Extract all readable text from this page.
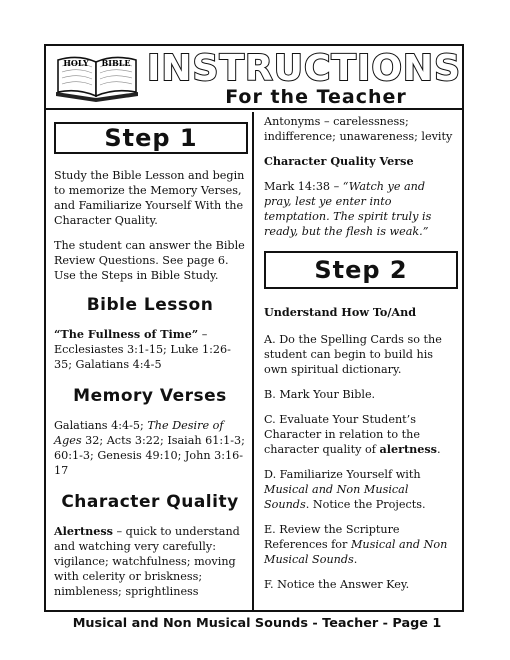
HOLY BIBLE INSTRUCTIONS
For the Teacher
Step 1

Study the Bible Lesson and begin to memorize the Memory Verses, and Familiarize Yourself With the Character Quality.

The student can answer the Bible Review Questions. See page 6. Use the Steps in Bible Study.

Bible Lesson

“The Fullness of Time” – Ecclesiastes 3:1-15; Luke 1:26-35; Galatians 4:4-5

Memory Verses

Galatians 4:4-5; The Desire of Ages 32; Acts 3:22; Isaiah 61:1-3; 60:1-3; Genesis 49:10; John 3:16-17

Character Quality

Alertness – quick to understand and watching very carefully: vigilance; watchfulness; moving with celerity or briskness; nimbleness; sprightliness

Antonyms – carelessness; indifference; unawareness; levity

Character Quality Verse

Mark 14:38 – “Watch ye and pray, lest ye enter into temptation. The spirit truly is ready, but the flesh is weak.”

Step 2

Understand How To/And

A. Do the Spelling Cards so the student can begin to build his own spiritual dictionary.

B. Mark Your Bible.

C. Evaluate Your Student’s Character in relation to the character quality of alertness.

D. Familiarize Yourself with Musical and Non Musical Sounds. Notice the Projects.

E. Review the Scripture References for Musical and Non Musical Sounds.

F. Notice the Answer Key.

Musical and Non Musical Sounds - Teacher - Page 1
